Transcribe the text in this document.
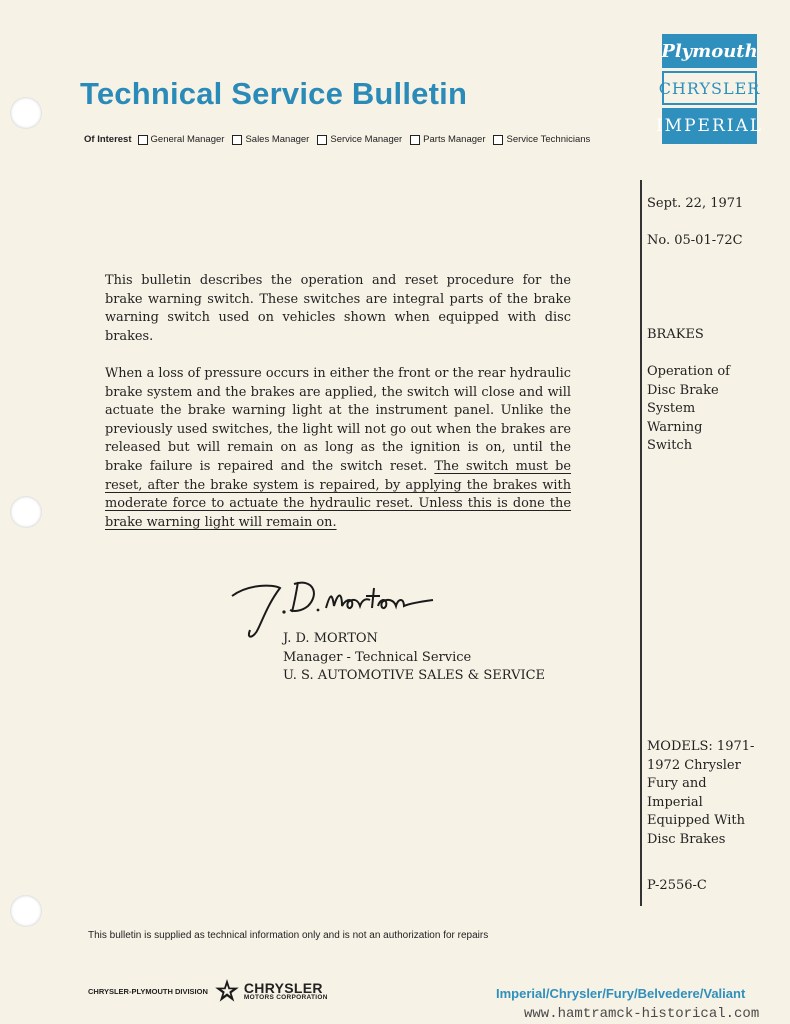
Technical Service Bulletin
Of Interest General Manager Sales Manager Service Manager Parts Manager Service Technicians
Plymouth
CHRYSLER
IMPERIAL
Sept. 22, 1971
No. 05-01-72C
BRAKES
Operation of
Disc Brake
System
Warning
Switch
MODELS: 1971-
1972 Chrysler
Fury and
Imperial
Equipped With
Disc Brakes
P-2556-C

This bulletin describes the operation and reset procedure for the brake warning switch. These switches are integral parts of the brake warning switch used on vehicles shown when equipped with disc brakes.

When a loss of pressure occurs in either the front or the rear hydraulic brake system and the brakes are applied, the switch will close and will actuate the brake warning light at the instrument panel. Unlike the previously used switches, the light will not go out when the brakes are released but will remain on as long as the ignition is on, until the brake failure is repaired and the switch reset. The switch must be reset, after the brake system is repaired, by applying the brakes with moderate force to actuate the hydraulic reset. Unless this is done the brake warning light will remain on.

J. D. MORTON
Manager - Technical Service
U. S. AUTOMOTIVE SALES & SERVICE
This bulletin is supplied as technical information only and is not an authorization for repairs
CHRYSLER-PLYMOUTH DIVISION	CHRYSLER
MOTORS CORPORATION	Imperial/Chrysler/Fury/Belvedere/Valiant
www.hamtramck-historical.com
